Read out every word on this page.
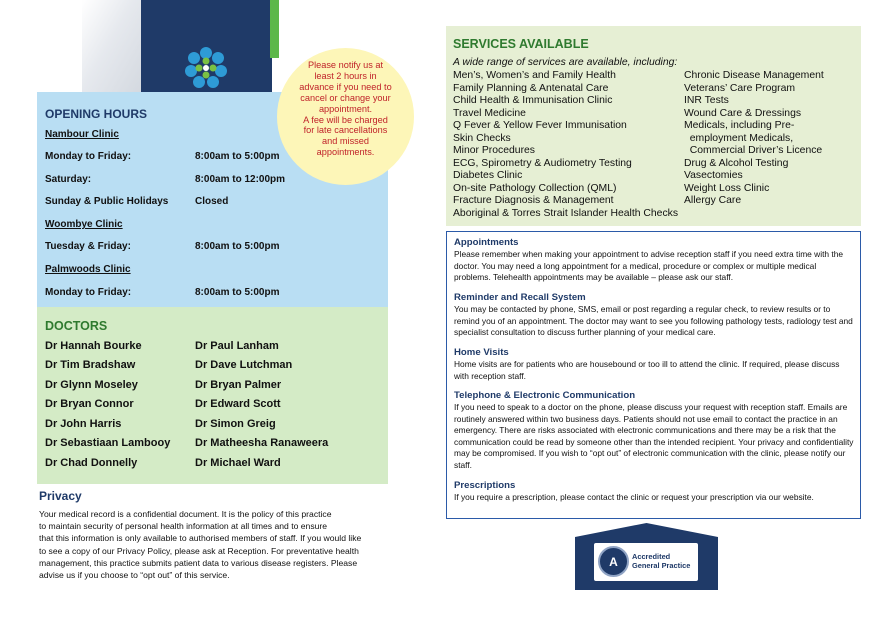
OPENING HOURS
Nambour Clinic
Monday to Friday:	8:00am to 5:00pm
Saturday:	8:00am to 12:00pm
Sunday & Public Holidays	Closed
Woombye Clinic
Tuesday & Friday:	8:00am to 5:00pm
Palmwoods Clinic
Monday to Friday:	8:00am to 5:00pm
Please notify us at
least 2 hours in
advance if you need to
cancel or change your
appointment.
A fee will be charged
for late cancellations
and missed
appointments.
DOCTORS
Dr Hannah Bourke
Dr Tim Bradshaw
Dr Glynn Moseley
Dr Bryan Connor
Dr John Harris
Dr Sebastiaan Lambooy
Dr Chad Donnelly
Dr Paul Lanham
Dr Dave Lutchman
Dr Bryan Palmer
Dr Edward Scott
Dr Simon Greig
Dr Matheesha Ranaweera
Dr Michael Ward
Privacy
Your medical record is a confidential document. It is the policy of this practice
to maintain security of personal health information at all times and to ensure
that this information is only available to authorised members of staff. If you would like
to see a copy of our Privacy Policy, please ask at Reception. For preventative health
management, this practice submits patient data to various disease registers. Please
advise us if you choose to “opt out” of this service.
SERVICES AVAILABLE
A wide range of services are available, including:
Men’s, Women’s and Family Health
Family Planning & Antenatal Care
Child Health & Immunisation Clinic
Travel Medicine
Q Fever & Yellow Fever Immunisation
Skin Checks
Minor Procedures
ECG, Spirometry & Audiometry Testing
Diabetes Clinic
On-site Pathology Collection (QML)
Fracture Diagnosis & Management
Aboriginal & Torres Strait Islander Health Checks
Chronic Disease Management
Veterans’ Care Program
INR Tests
Wound Care & Dressings
Medicals, including Pre-
employment Medicals,
Commercial Driver’s Licence
Drug & Alcohol Testing
Vasectomies
Weight Loss Clinic
Allergy Care
Appointments

Please remember when making your appointment to advise reception staff if you need extra time with the doctor. You may need a long appointment for a medical, procedure or complex or multiple medical problems. Telehealth appointments may be available – please ask our staff.

Reminder and Recall System

You may be contacted by phone, SMS, email or post regarding a regular check, to review results or to remind you of an appointment. The doctor may want to see you following pathology tests, radiology test and specialist consultation to discuss further planning of your medical care.

Home Visits

Home visits are for patients who are housebound or too ill to attend the clinic. If required, please discuss with reception staff.

Telephone & Electronic Communication

If you need to speak to a doctor on the phone, please discuss your request with reception staff. Emails are routinely answered within two business days. Patients should not use email to contact the practice in an emergency. There are risks associated with electronic communications and there may be a risk that the communication could be read by someone other than the intended recipient. Your privacy and confidentiality may be compromised. If you wish to “opt out” of electronic communication with the clinic, please notify our staff.

Prescriptions

If you require a prescription, please contact the clinic or request your prescription via our website.

A	Accredited
General Practice
